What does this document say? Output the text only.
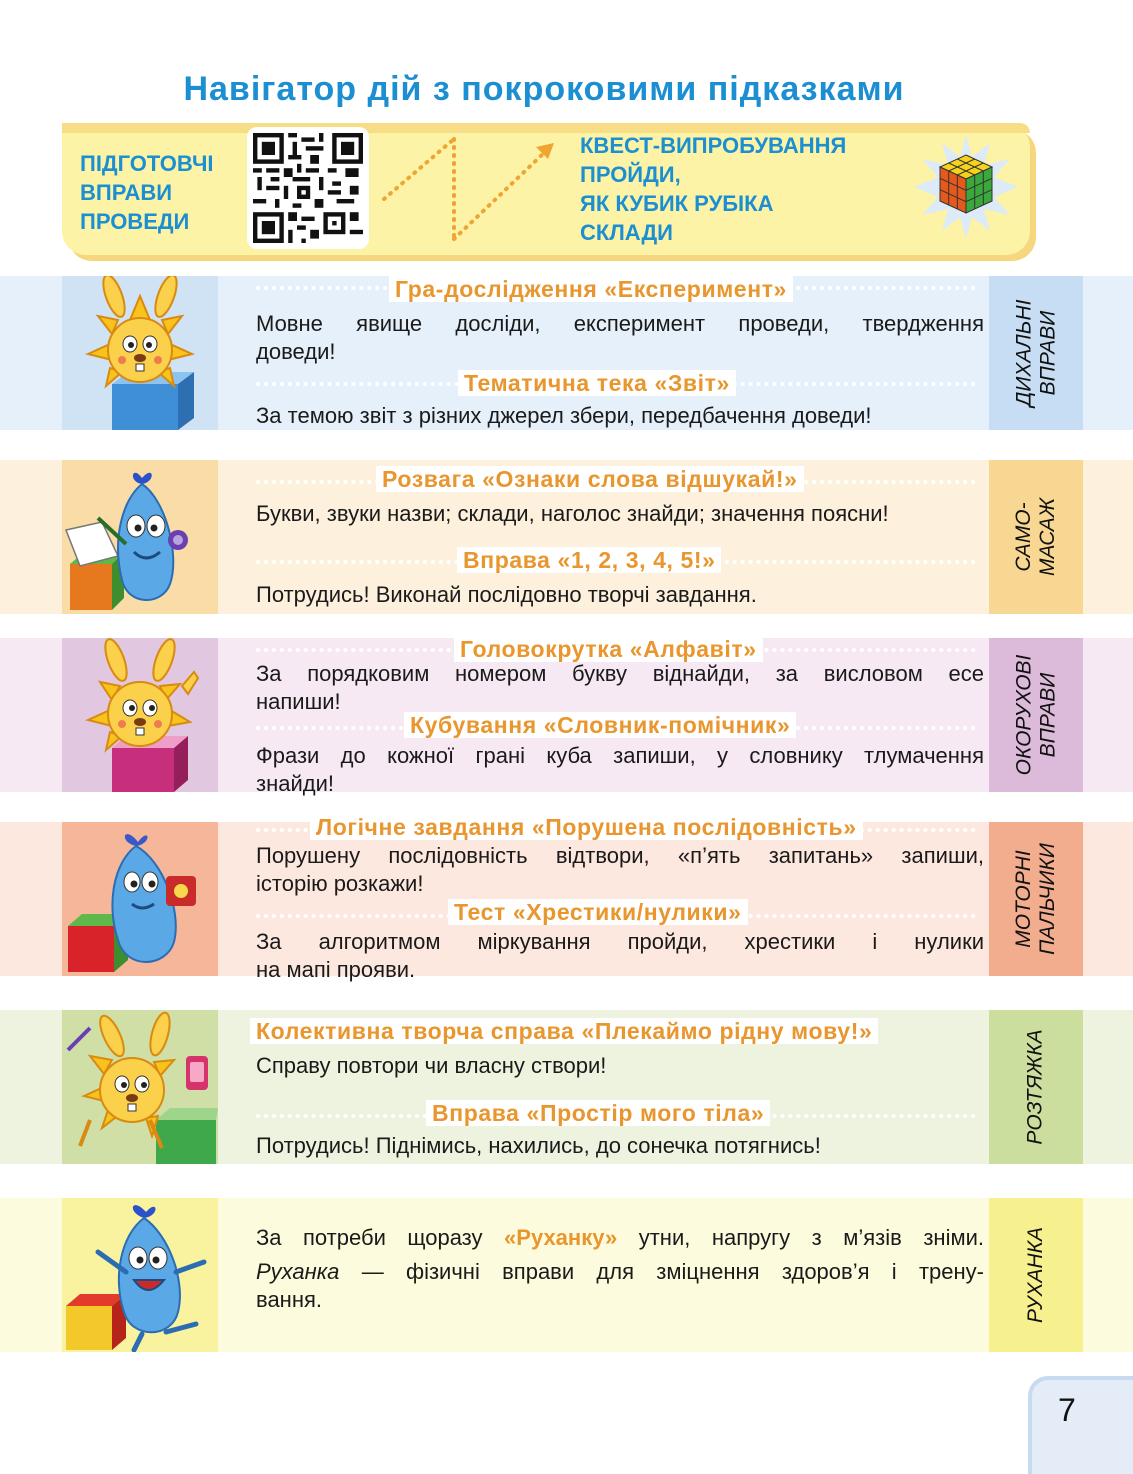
Навігатор дій з покроковими підказками
ПІДГОТОВЧІ
ВПРАВИ
ПРОВЕДИ
КВЕСТ-ВИПРОБУВАННЯ
ПРОЙДИ,
ЯК КУБИК РУБІКА
СКЛАДИ
Гра-дослідження «Експеримент»
Мовне явище досліди, експеримент проведи, твердження
доведи!
Тематична тека «Звіт»
За темою звіт з різних джерел збери, передбачення доведи!
ДИХАЛЬНІ ВПРАВИ
Розвага «Ознаки слова відшукай!»
Букви, звуки назви; склади, наголос знайди; значення поясни!
Вправа «1, 2, 3, 4, 5!»
Потрудись! Виконай послідовно творчі завдання.
САМО- МАСАЖ
Головокрутка «Алфавіт»
За порядковим номером букву віднайди, за висловом есе
напиши!
Кубування «Словник-помічник»
Фрази до кожної грані куба запиши, у словнику тлумачення
знайди!
ОКОРУХОВІ ВПРАВИ
Логічне завдання «Порушена послідовність»
Порушену послідовність відтвори, «п’ять запитань» запиши,
історію розкажи!
Тест «Хрестики/нулики»
За алгоритмом міркування пройди, хрестики і нулики
на мапі прояви.
МОТОРНІ ПАЛЬЧИКИ
Колективна творча справа «Плекаймо рідну мову!»
Справу повтори чи власну створи!
Вправа «Простір мого тіла»
Потрудись! Піднімись, нахились, до сонечка потягнись!
РОЗТЯЖКА
За потреби щоразу «Руханку» утни, напругу з м’язів зніми.
Руханка — фізичні вправи для зміцнення здоров’я і трену-
вання.	РУХАНКА
7
